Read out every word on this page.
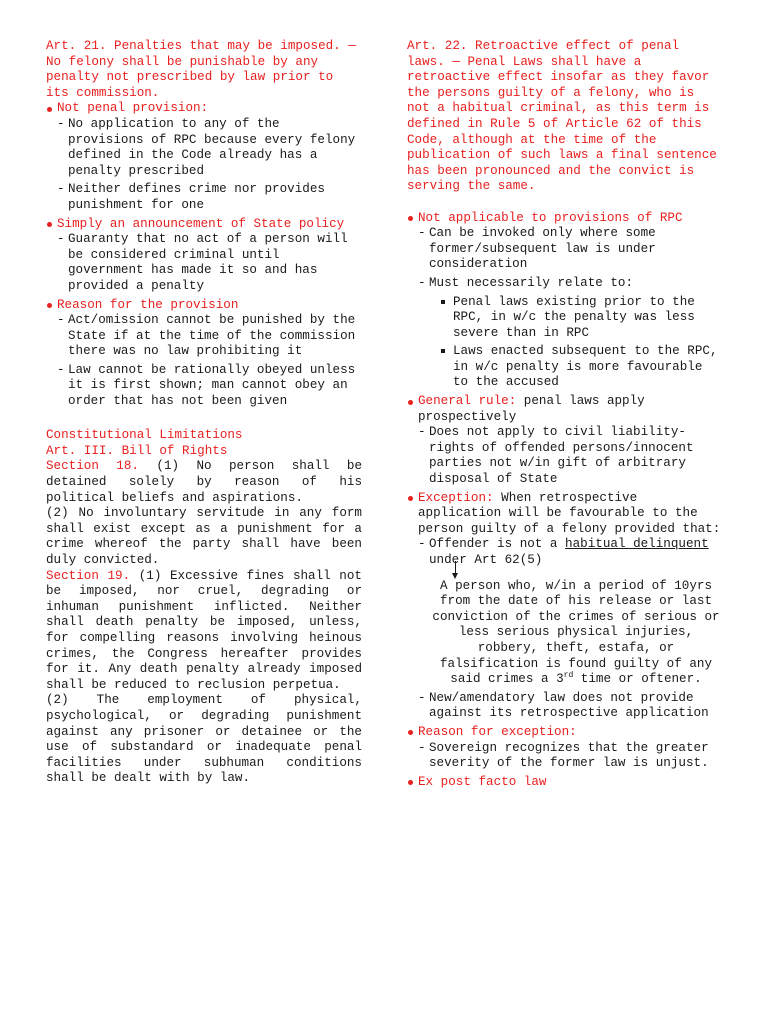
Art. 21. Penalties that may be imposed. — No felony shall be punishable by any penalty not prescribed by law prior to its commission.

Not penal provision:

- No application to any of the provisions of RPC because every felony defined in the Code already has a penalty prescribed
- Neither defines crime nor provides punishment for one

Simply an announcement of State policy

- Guaranty that no act of a person will be considered criminal until government has made it so and has provided a penalty

Reason for the provision

- Act/omission cannot be punished by the State if at the time of the commission there was no law prohibiting it
- Law cannot be rationally obeyed unless it is first shown; man cannot obey an order that has not been given

Constitutional Limitations

Art. III. Bill of Rights

Section 18. (1) No person shall be detained solely by reason of his political beliefs and aspirations.

(2) No involuntary servitude in any form shall exist except as a punishment for a crime whereof the party shall have been duly convicted.

Section 19. (1) Excessive fines shall not be imposed, nor cruel, degrading or inhuman punishment inflicted. Neither shall death penalty be imposed, unless, for compelling reasons involving heinous crimes, the Congress hereafter provides for it. Any death penalty already imposed shall be reduced to reclusion perpetua.

(2) The employment of physical, psychological, or degrading punishment against any prisoner or detainee or the use of substandard or inadequate penal facilities under subhuman conditions shall be dealt with by law.

Art. 22. Retroactive effect of penal laws. — Penal Laws shall have a retroactive effect insofar as they favor the persons guilty of a felony, who is not a habitual criminal, as this term is defined in Rule 5 of Article 62 of this Code, although at the time of the publication of such laws a final sentence has been pronounced and the convict is serving the same.

Not applicable to provisions of RPC

- Can be invoked only where some former/subsequent law is under consideration
- Must necessarily relate to:
Penal laws existing prior to the RPC, in w/c the penalty was less severe than in RPC
Laws enacted subsequent to the RPC, in w/c penalty is more favourable to the accused

General rule: penal laws apply prospectively

- Does not apply to civil liability- rights of offended persons/innocent parties not w/in gift of arbitrary disposal of State

Exception: When retrospective application will be favourable to the person guilty of a felony provided that:

- Offender is not a habitual delinquent under Art 62(5)

A person who, w/in a period of 10yrs from the date of his release or last conviction of the crimes of serious or less serious physical injuries, robbery, theft, estafa, or falsification is found guilty of any said crimes a 3rd time or oftener.

- New/amendatory law does not provide against its retrospective application

Reason for exception:

- Sovereign recognizes that the greater severity of the former law is unjust.

Ex post facto law
